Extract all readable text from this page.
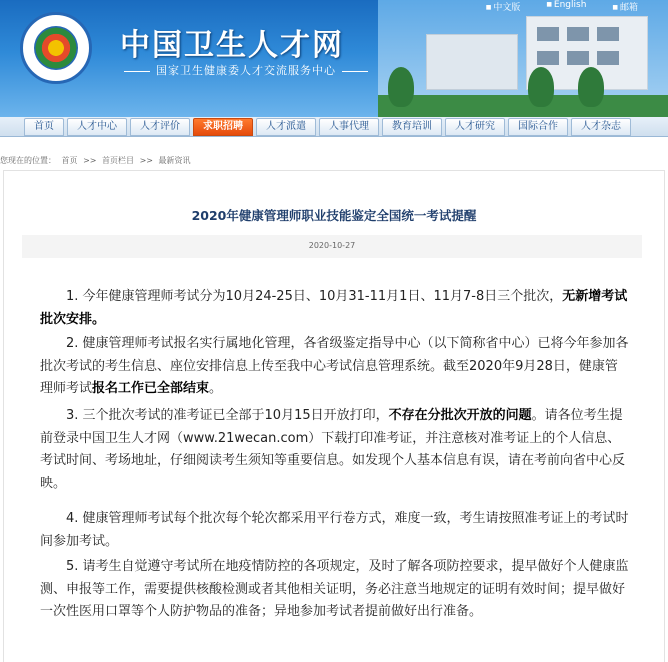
中国卫生人才网
国家卫生健康委人才交流服务中心
■ 中文版	■ English	■ 邮箱
首页	人才中心	人才评价	求职招聘	人才派遣	人事代理	教育培训	人才研究	国际合作	人才杂志
您现在的位置： 首页 >> 首页栏目 >> 最新资讯
2020年健康管理师职业技能鉴定全国统一考试提醒
2020-10-27
1. 今年健康管理师考试分为10月24-25日、10月31-11月1日、11月7-8日三个批次，无新增考试批次安排。
2. 健康管理师考试报名实行属地化管理，各省级鉴定指导中心（以下简称省中心）已将今年参加各批次考试的考生信息、座位安排信息上传至我中心考试信息管理系统。截至2020年9月28日，健康管理师考试报名工作已全部结束。
3. 三个批次考试的准考证已全部于10月15日开放打印，不存在分批次开放的问题。请各位考生提前登录中国卫生人才网（www.21wecan.com）下载打印准考证，并注意核对准考证上的个人信息、考试时间、考场地址，仔细阅读考生须知等重要信息。如发现个人基本信息有误，请在考前向省中心反映。
4. 健康管理师考试每个批次每个轮次都采用平行卷方式，难度一致，考生请按照准考证上的考试时间参加考试。
5. 请考生自觉遵守考试所在地疫情防控的各项规定，及时了解各项防控要求，提早做好个人健康监测、申报等工作，需要提供核酸检测或者其他相关证明，务必注意当地规定的证明有效时间；提早做好一次性医用口罩等个人防护物品的准备；异地参加考试者提前做好出行准备。
